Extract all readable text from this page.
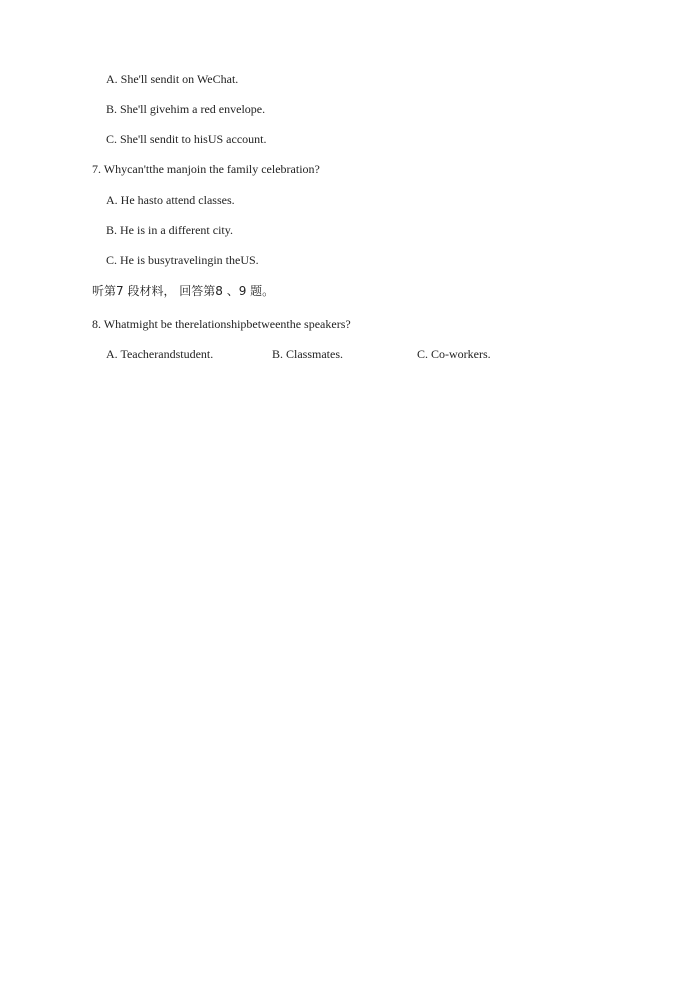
A. She'll sendit on WeChat.
B. She'll givehim a red envelope.
C. She'll sendit to hisUS account.
7. Whycan'tthe manjoin the family celebration?
A. He hasto attend classes.
B. He is in a different city.
C. He is busytravelingin theUS.
听第7 段材料， 回答第8 、9 题。
8. Whatmight be therelationshipbetweenthe speakers?
A. Teacherandstudent.	B. Classmates.	C. Co-workers.
